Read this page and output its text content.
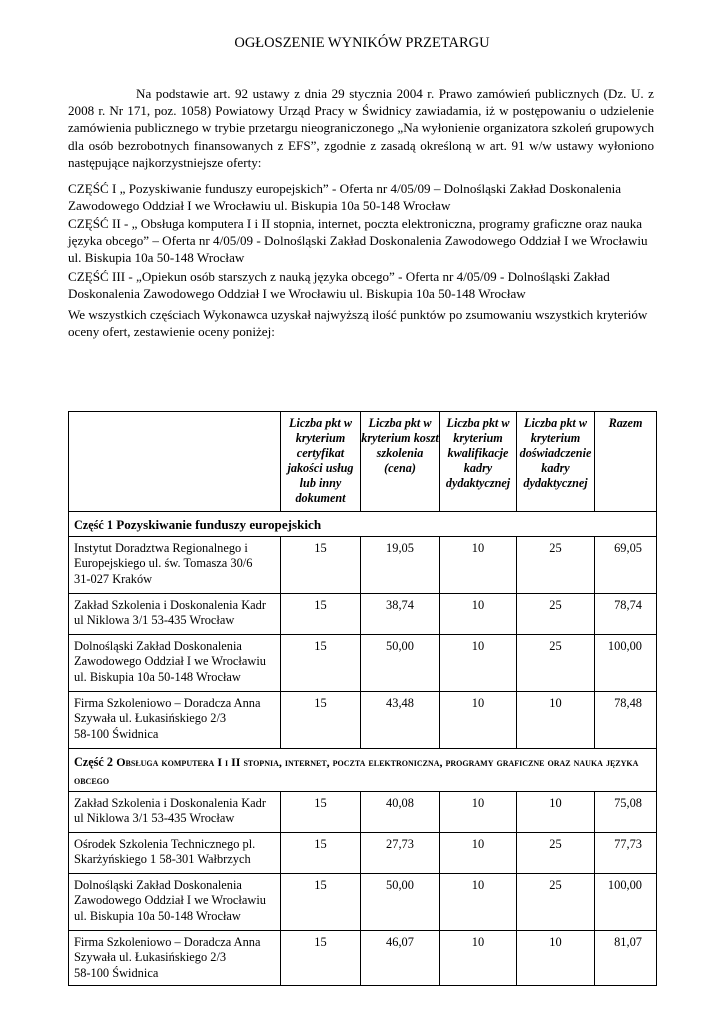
OGŁOSZENIE WYNIKÓW PRZETARGU
Na podstawie art. 92 ustawy z dnia 29 stycznia 2004 r. Prawo zamówień publicznych (Dz. U. z 2008 r. Nr 171, poz. 1058) Powiatowy Urząd Pracy w Świdnicy zawiadamia, iż w postępowaniu o udzielenie zamówienia publicznego w trybie przetargu nieograniczonego „Na wyłonienie organizatora szkoleń grupowych dla osób bezrobotnych finansowanych z EFS”, zgodnie z zasadą określoną w art. 91 w/w ustawy wyłoniono następujące najkorzystniejsze oferty:
CZĘŚĆ I „ Pozyskiwanie funduszy europejskich” - Oferta nr 4/05/09 – Dolnośląski Zakład Doskonalenia Zawodowego Oddział I we Wrocławiu ul. Biskupia 10a 50-148 Wrocław
CZĘŚĆ II - „ Obsługa komputera I i II stopnia, internet, poczta elektroniczna, programy graficzne oraz nauka języka obcego” – Oferta nr 4/05/09 - Dolnośląski Zakład Doskonalenia Zawodowego Oddział I we Wrocławiu ul. Biskupia 10a 50-148 Wrocław
CZĘŚĆ III - „Opiekun osób starszych z nauką języka obcego” - Oferta nr 4/05/09 - Dolnośląski Zakład Doskonalenia Zawodowego Oddział I we Wrocławiu ul. Biskupia 10a 50-148 Wrocław
We wszystkich częściach Wykonawca uzyskał najwyższą ilość punktów po zsumowaniu wszystkich kryteriów oceny ofert, zestawienie oceny poniżej:
	Liczba pkt w kryterium certyfikat jakości usług lub inny dokument	Liczba pkt w kryterium koszt szkolenia (cena)	Liczba pkt w kryterium kwalifikacje kadry dydaktycznej	Liczba pkt w kryterium doświadczenie kadry dydaktycznej	Razem
Część 1 Pozyskiwanie funduszy europejskich					
Instytut Doradztwa Regionalnego i
Europejskiego ul. św. Tomasza 30/6
31-027 Kraków	15	19,05	10	25	69,05
Zakład Szkolenia i Doskonalenia Kadr
ul Niklowa 3/1 53-435 Wrocław	15	38,74	10	25	78,74
Dolnośląski Zakład Doskonalenia
Zawodowego Oddział I we Wrocławiu
ul. Biskupia 10a 50-148 Wrocław	15	50,00	10	25	100,00
Firma Szkoleniowo – Doradcza Anna
Szywała ul. Łukasińskiego 2/3
58-100 Świdnica	15	43,48	10	10	78,48
Część 2 Obsługa komputera I i II stopnia, internet, poczta elektroniczna, programy graficzne oraz nauka języka obcego					
Zakład Szkolenia i Doskonalenia Kadr
ul Niklowa 3/1 53-435 Wrocław	15	40,08	10	10	75,08
Ośrodek Szkolenia Technicznego pl.
Skarżyńskiego 1 58-301 Wałbrzych	15	27,73	10	25	77,73
Dolnośląski Zakład Doskonalenia
Zawodowego Oddział I we Wrocławiu
ul. Biskupia 10a 50-148 Wrocław	15	50,00	10	25	100,00
Firma Szkoleniowo – Doradcza Anna
Szywała ul. Łukasińskiego 2/3
58-100 Świdnica	15	46,07	10	10	81,07
